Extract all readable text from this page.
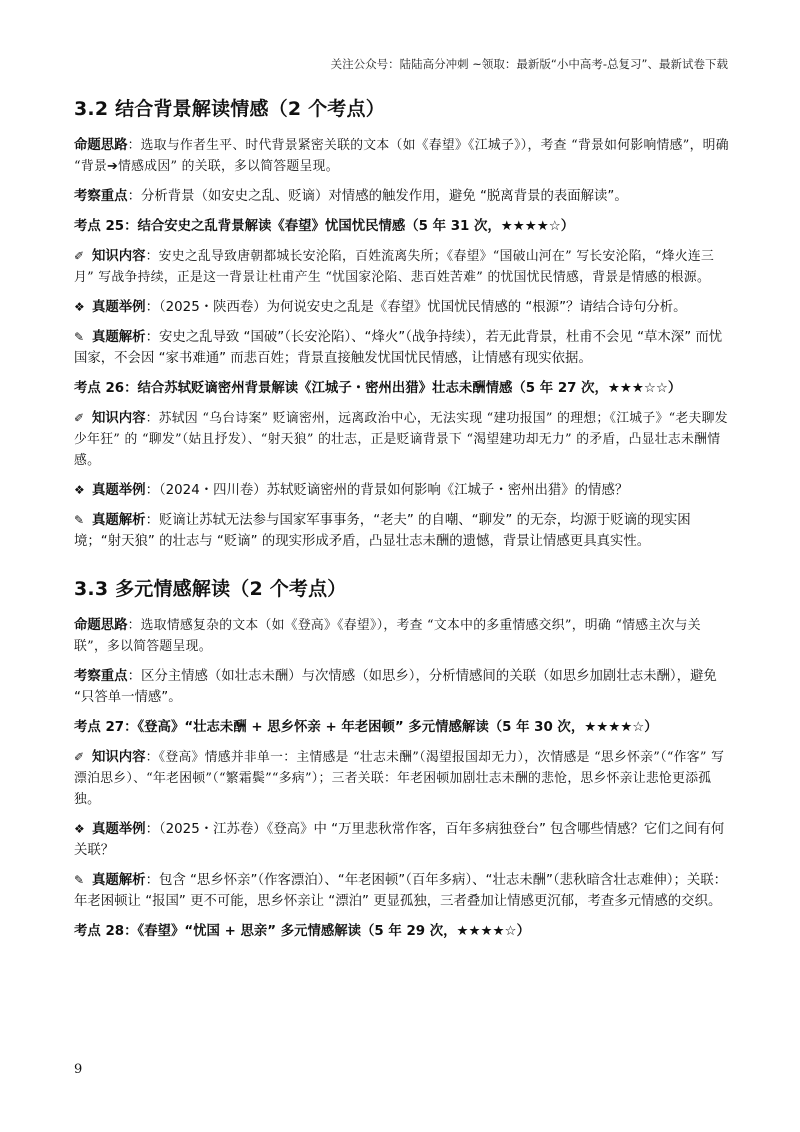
关注公众号：陆陆高分冲刺 ~领取：最新版“小中高考-总复习”、最新试卷下载
3.2 结合背景解读情感（2 个考点）

命题思路：选取与作者生平、时代背景紧密关联的文本（如《春望》《江城子》），考查 “背景如何影响情感”，明确 “背景➔情感成因” 的关联，多以简答题呈现。

考察重点：分析背景（如安史之乱、贬谪）对情感的触发作用，避免 “脱离背景的表面解读”。

考点 25：结合安史之乱背景解读《春望》忧国忧民情感（5 年 31 次，★★★★☆）

✐ 知识内容：安史之乱导致唐朝都城长安沦陷，百姓流离失所；《春望》“国破山河在” 写长安沦陷，“烽火连三月” 写战争持续，正是这一背景让杜甫产生 “忧国家沦陷、悲百姓苦难” 的忧国忧民情感，背景是情感的根源。

❖ 真题举例：（2025・陕西卷）为何说安史之乱是《春望》忧国忧民情感的 “根源”？请结合诗句分析。

✎ 真题解析：安史之乱导致 “国破”（长安沦陷）、“烽火”（战争持续），若无此背景，杜甫不会见 “草木深” 而忧国家，不会因 “家书难通” 而悲百姓；背景直接触发忧国忧民情感，让情感有现实依据。

考点 26：结合苏轼贬谪密州背景解读《江城子・密州出猎》壮志未酬情感（5 年 27 次，★★★☆☆）

✐ 知识内容：苏轼因 “乌台诗案” 贬谪密州，远离政治中心，无法实现 “建功报国” 的理想；《江城子》“老夫聊发少年狂” 的 “聊发”（姑且抒发）、“射天狼” 的壮志，正是贬谪背景下 “渴望建功却无力” 的矛盾，凸显壮志未酬情感。

❖ 真题举例：（2024・四川卷）苏轼贬谪密州的背景如何影响《江城子・密州出猎》的情感？

✎ 真题解析：贬谪让苏轼无法参与国家军事事务，“老夫” 的自嘲、“聊发” 的无奈，均源于贬谪的现实困境；“射天狼” 的壮志与 “贬谪” 的现实形成矛盾，凸显壮志未酬的遗憾，背景让情感更具真实性。

3.3 多元情感解读（2 个考点）

命题思路：选取情感复杂的文本（如《登高》《春望》），考查 “文本中的多重情感交织”，明确 “情感主次与关联”，多以简答题呈现。

考察重点：区分主情感（如壮志未酬）与次情感（如思乡），分析情感间的关联（如思乡加剧壮志未酬），避免 “只答单一情感”。

考点 27：《登高》“壮志未酬 + 思乡怀亲 + 年老困顿” 多元情感解读（5 年 30 次，★★★★☆）

✐ 知识内容：《登高》情感并非单一：主情感是 “壮志未酬”（渴望报国却无力），次情感是 “思乡怀亲”（“作客” 写漂泊思乡）、“年老困顿”（“繁霜鬓”“多病”）；三者关联：年老困顿加剧壮志未酬的悲怆，思乡怀亲让悲怆更添孤独。

❖ 真题举例：（2025・江苏卷）《登高》中 “万里悲秋常作客，百年多病独登台” 包含哪些情感？它们之间有何关联？

✎ 真题解析：包含 “思乡怀亲”（作客漂泊）、“年老困顿”（百年多病）、“壮志未酬”（悲秋暗含壮志难伸）；关联：年老困顿让 “报国” 更不可能，思乡怀亲让 “漂泊” 更显孤独，三者叠加让情感更沉郁，考查多元情感的交织。

考点 28：《春望》“忧国 + 思亲” 多元情感解读（5 年 29 次，★★★★☆）
9
